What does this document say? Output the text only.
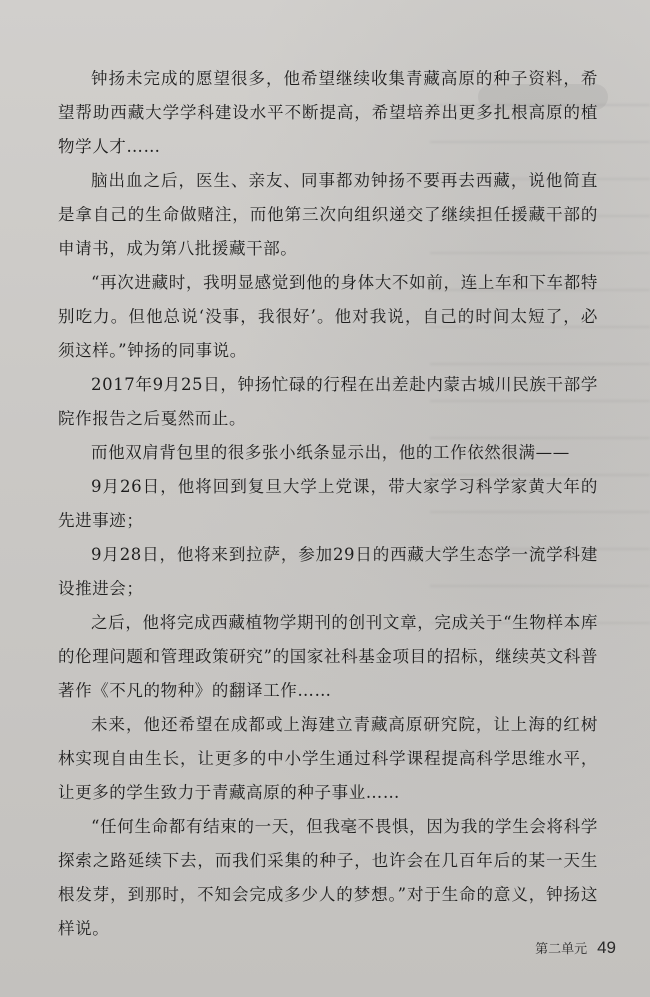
钟扬未完成的愿望很多，他希望继续收集青藏高原的种子资料，希望帮助西藏大学学科建设水平不断提高，希望培养出更多扎根高原的植物学人才……

脑出血之后，医生、亲友、同事都劝钟扬不要再去西藏，说他简直是拿自己的生命做赌注，而他第三次向组织递交了继续担任援藏干部的申请书，成为第八批援藏干部。

“再次进藏时，我明显感觉到他的身体大不如前，连上车和下车都特别吃力。但他总说‘没事，我很好’。他对我说，自己的时间太短了，必须这样。”钟扬的同事说。

2017年9月25日，钟扬忙碌的行程在出差赴内蒙古城川民族干部学院作报告之后戛然而止。

而他双肩背包里的很多张小纸条显示出，他的工作依然很满——

9月26日，他将回到复旦大学上党课，带大家学习科学家黄大年的先进事迹；

9月28日，他将来到拉萨，参加29日的西藏大学生态学一流学科建设推进会；

之后，他将完成西藏植物学期刊的创刊文章，完成关于“生物样本库的伦理问题和管理政策研究”的国家社科基金项目的招标，继续英文科普著作《不凡的物种》的翻译工作……

未来，他还希望在成都或上海建立青藏高原研究院，让上海的红树林实现自由生长，让更多的中小学生通过科学课程提高科学思维水平，让更多的学生致力于青藏高原的种子事业……

“任何生命都有结束的一天，但我毫不畏惧，因为我的学生会将科学探索之路延续下去，而我们采集的种子，也许会在几百年后的某一天生根发芽，到那时，不知会完成多少人的梦想。”对于生命的意义，钟扬这样说。

第二单元 49
